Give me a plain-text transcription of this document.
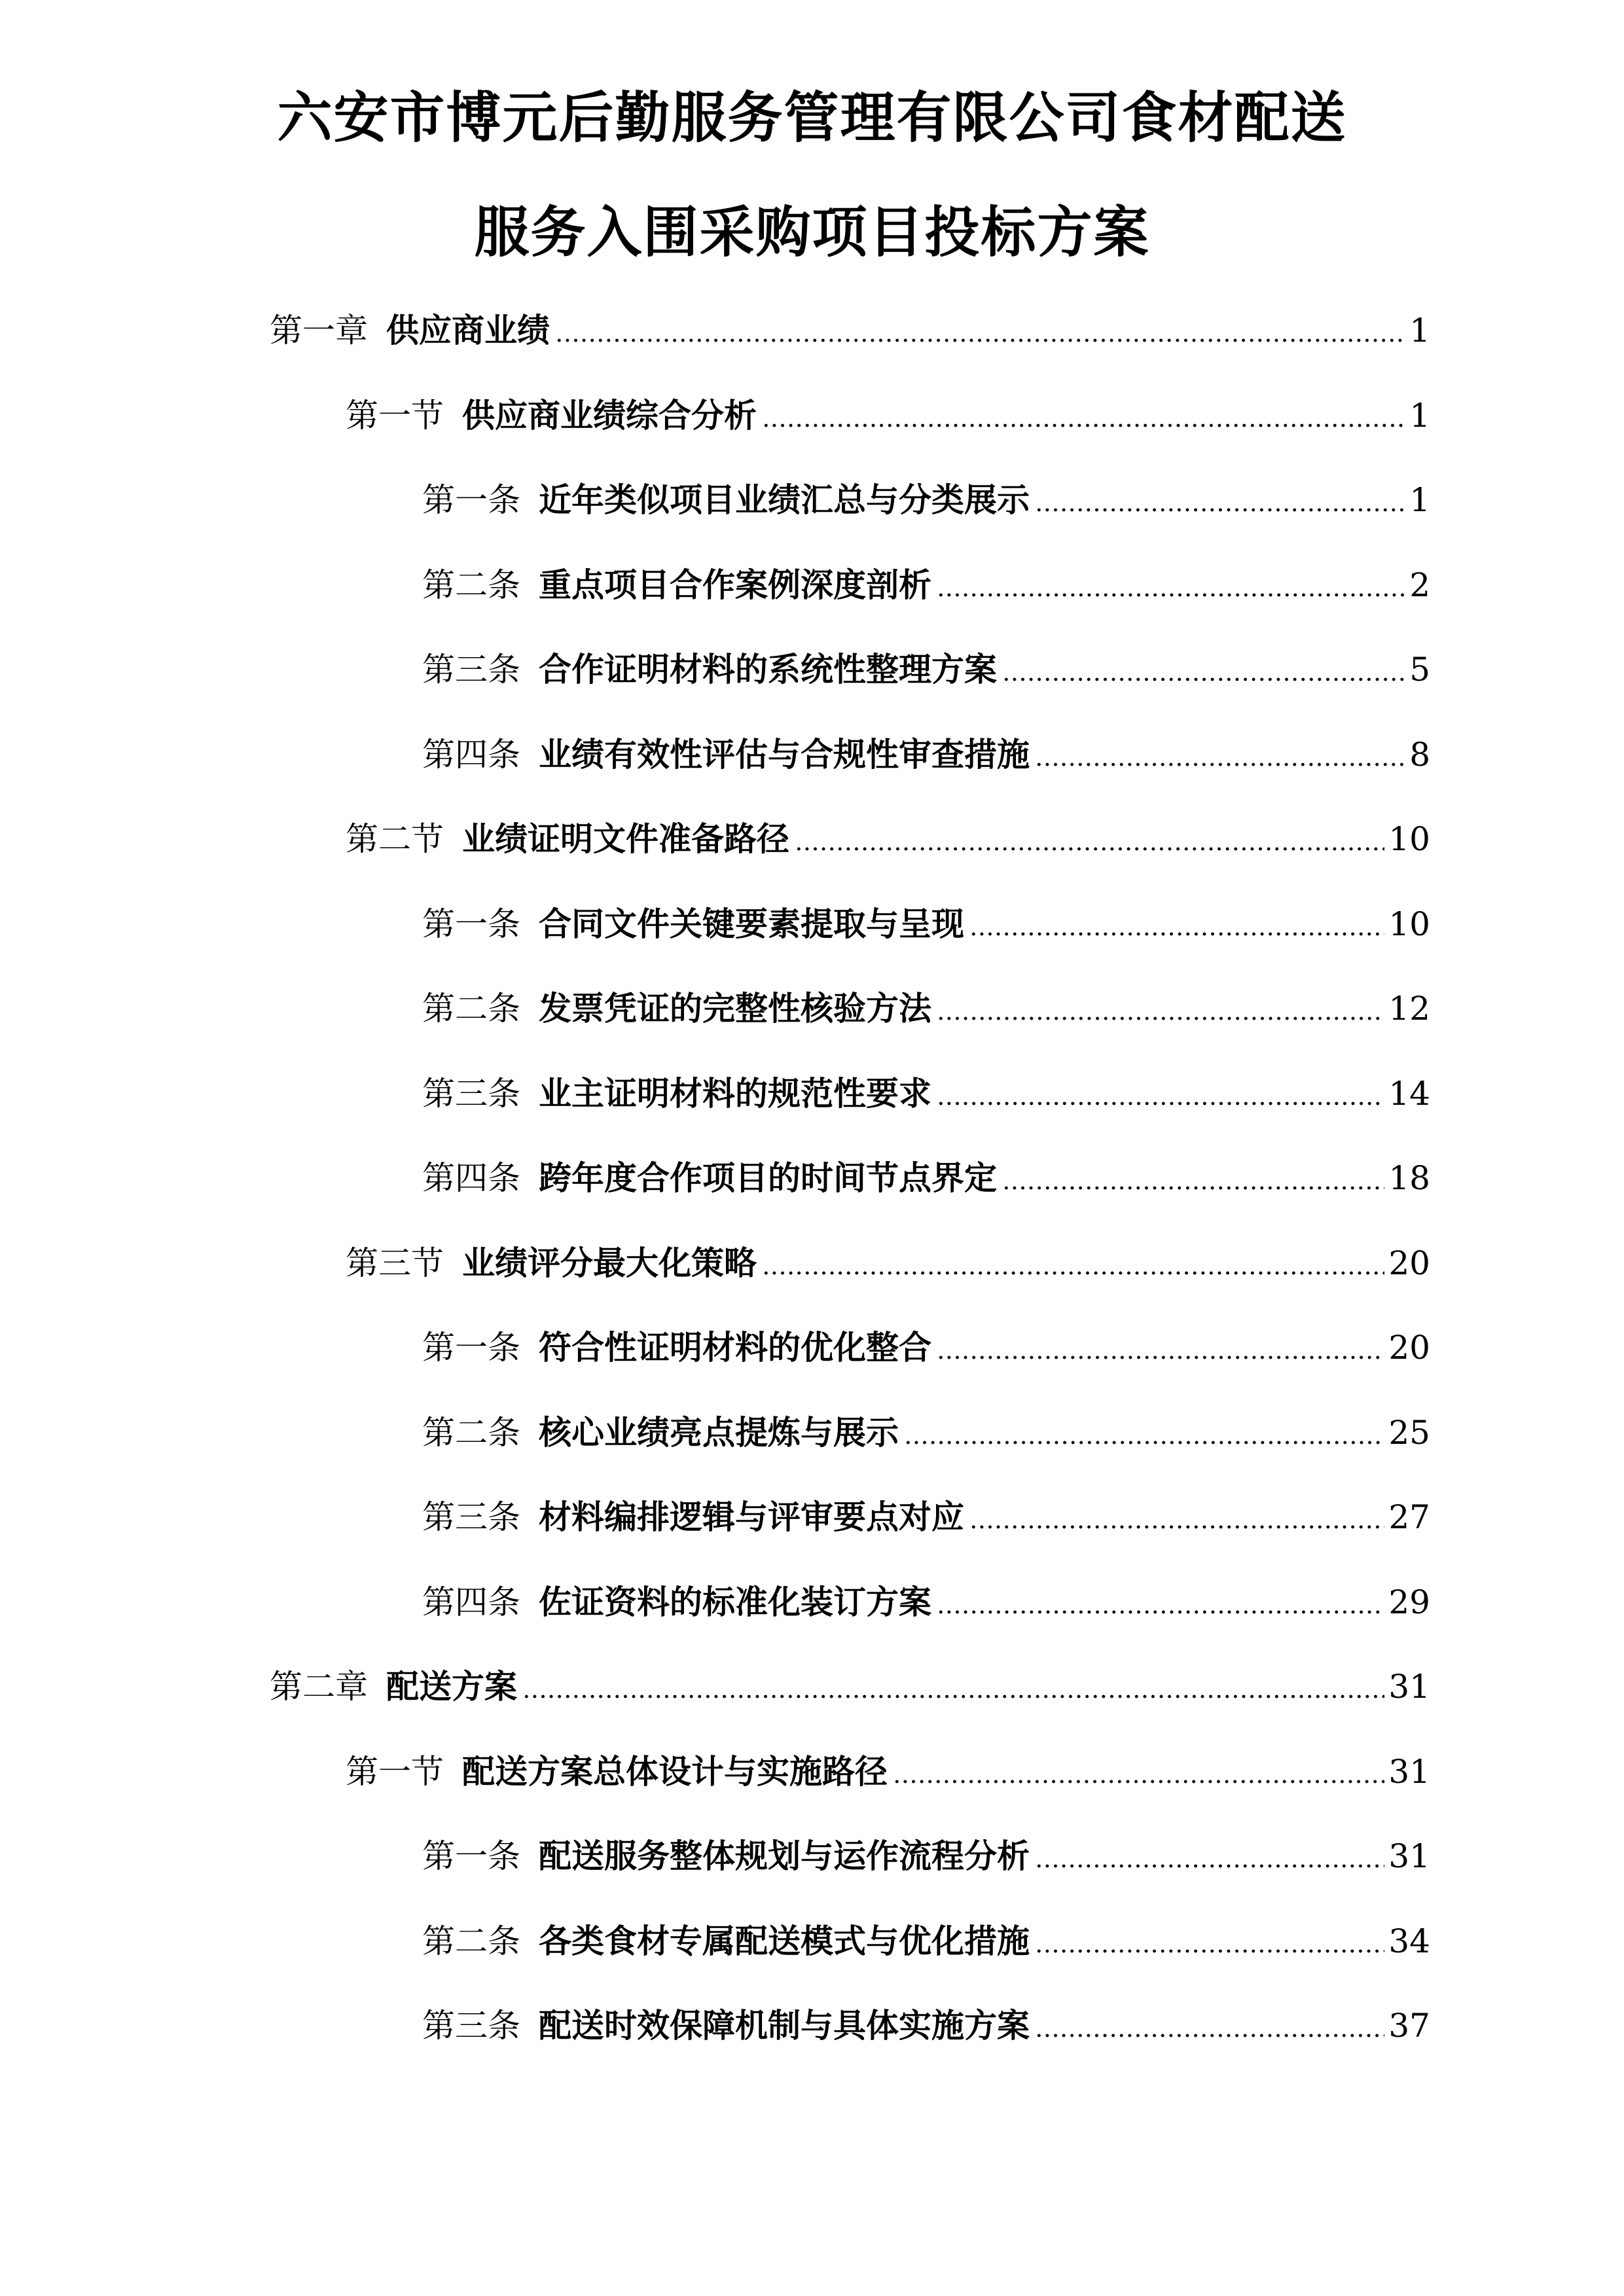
六安市博元后勤服务管理有限公司食材配送
服务入围采购项目投标方案
第一章 供应商业绩	1
第一节 供应商业绩综合分析	1
第一条 近年类似项目业绩汇总与分类展示	1
第二条 重点项目合作案例深度剖析	2
第三条 合作证明材料的系统性整理方案	5
第四条 业绩有效性评估与合规性审查措施	8
第二节 业绩证明文件准备路径	10
第一条 合同文件关键要素提取与呈现	10
第二条 发票凭证的完整性核验方法	12
第三条 业主证明材料的规范性要求	14
第四条 跨年度合作项目的时间节点界定	18
第三节 业绩评分最大化策略	20
第一条 符合性证明材料的优化整合	20
第二条 核心业绩亮点提炼与展示	25
第三条 材料编排逻辑与评审要点对应	27
第四条 佐证资料的标准化装订方案	29
第二章 配送方案	31
第一节 配送方案总体设计与实施路径	31
第一条 配送服务整体规划与运作流程分析	31
第二条 各类食材专属配送模式与优化措施	34
第三条 配送时效保障机制与具体实施方案	37
